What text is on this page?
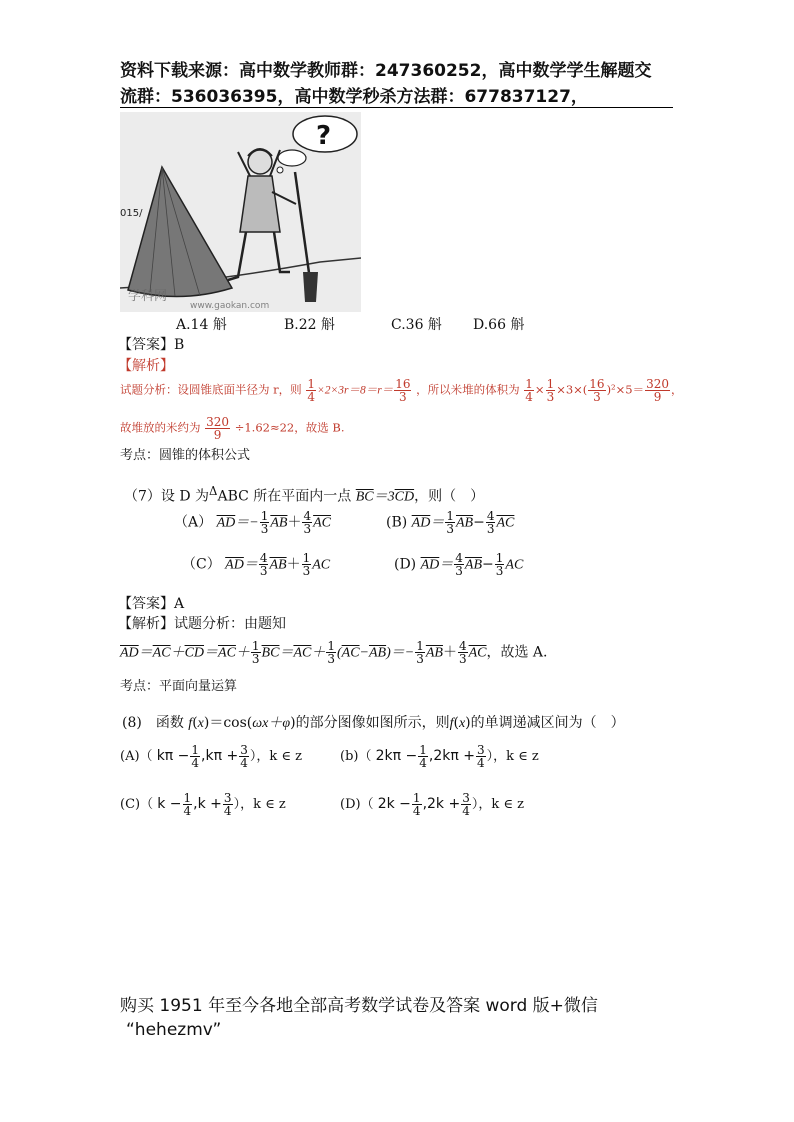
资料下载来源：高中数学教师群：247360252，高中数学学生解题交
流群：536036395，高中数学秒杀方法群：677837127，
?
015/
学科网
www.gaokan.com
A.14 斛	B.22 斛	C.36 斛 D.66 斛
【答案】B
【解析】
试题分析：设圆锥底面半径为 r，则 $\frac{1}{4} \times 2\times 3r=8=r= \frac{16}{3}$ ，所以米堆的体积为 $\frac{1}{4} \times \frac{1}{3} \times 3\times( \frac{16}{3} )^2\times 5= \frac{320}{9}$ ，
故堆放的米约为 $\frac{320}{9} \div 1.62\approx 22$，故选 B.
考点：圆锥的体积公式
（7）设 D 为$^\Delta$ABC 所在平面内一点 $\overline{BC}=3\overline{CD}$，则（　）
（A） $\overline{AD}=- \frac{1}{3} \overline{AB}+ \frac{4}{3} \overline{AC}$	(B) $\overline{AD}= \frac{1}{3} \overline{AB}- \frac{4}{3} \overline{AC}$
（C） $\overline{AD}= \frac{4}{3} \overline{AB}+ \frac{1}{3}$ AC	(D) $\overline{AD}= \frac{4}{3} \overline{AB}- \frac{1}{3}$ AC
【答案】A
【解析】试题分析：由题知
$\overline{AD}=\overline{AC}+\overline{CD}=\overline{AC}+ \frac{1}{3} \overline{BC}=\overline{AC}+ \frac{1}{3} (\overline{AC}-\overline{AB})=- \frac{1}{3} \overline{AB}+ \frac{4}{3} \overline{AC}$，故选 A.
考点：平面向量运算
(8)　函数 f(x)＝cos(ωx＋φ)的部分图像如图所示，则f(x)的单调递减区间为（　）
(A)（ $k\pi - \frac{1}{4} ,k\pi + \frac{3}{4}$ ），k ∈ z	(b)（ $2k\pi - \frac{1}{4} ,2k\pi + \frac{3}{4}$ ），k ∈ z
(C)（ $k - \frac{1}{4} ,k + \frac{3}{4}$ ），k ∈ z	(D)（ $2k - \frac{1}{4} ,2k + \frac{3}{4}$ ），k ∈ z
购买 1951 年至今各地全部高考数学试卷及答案 word 版+微信
“hehezmv”
